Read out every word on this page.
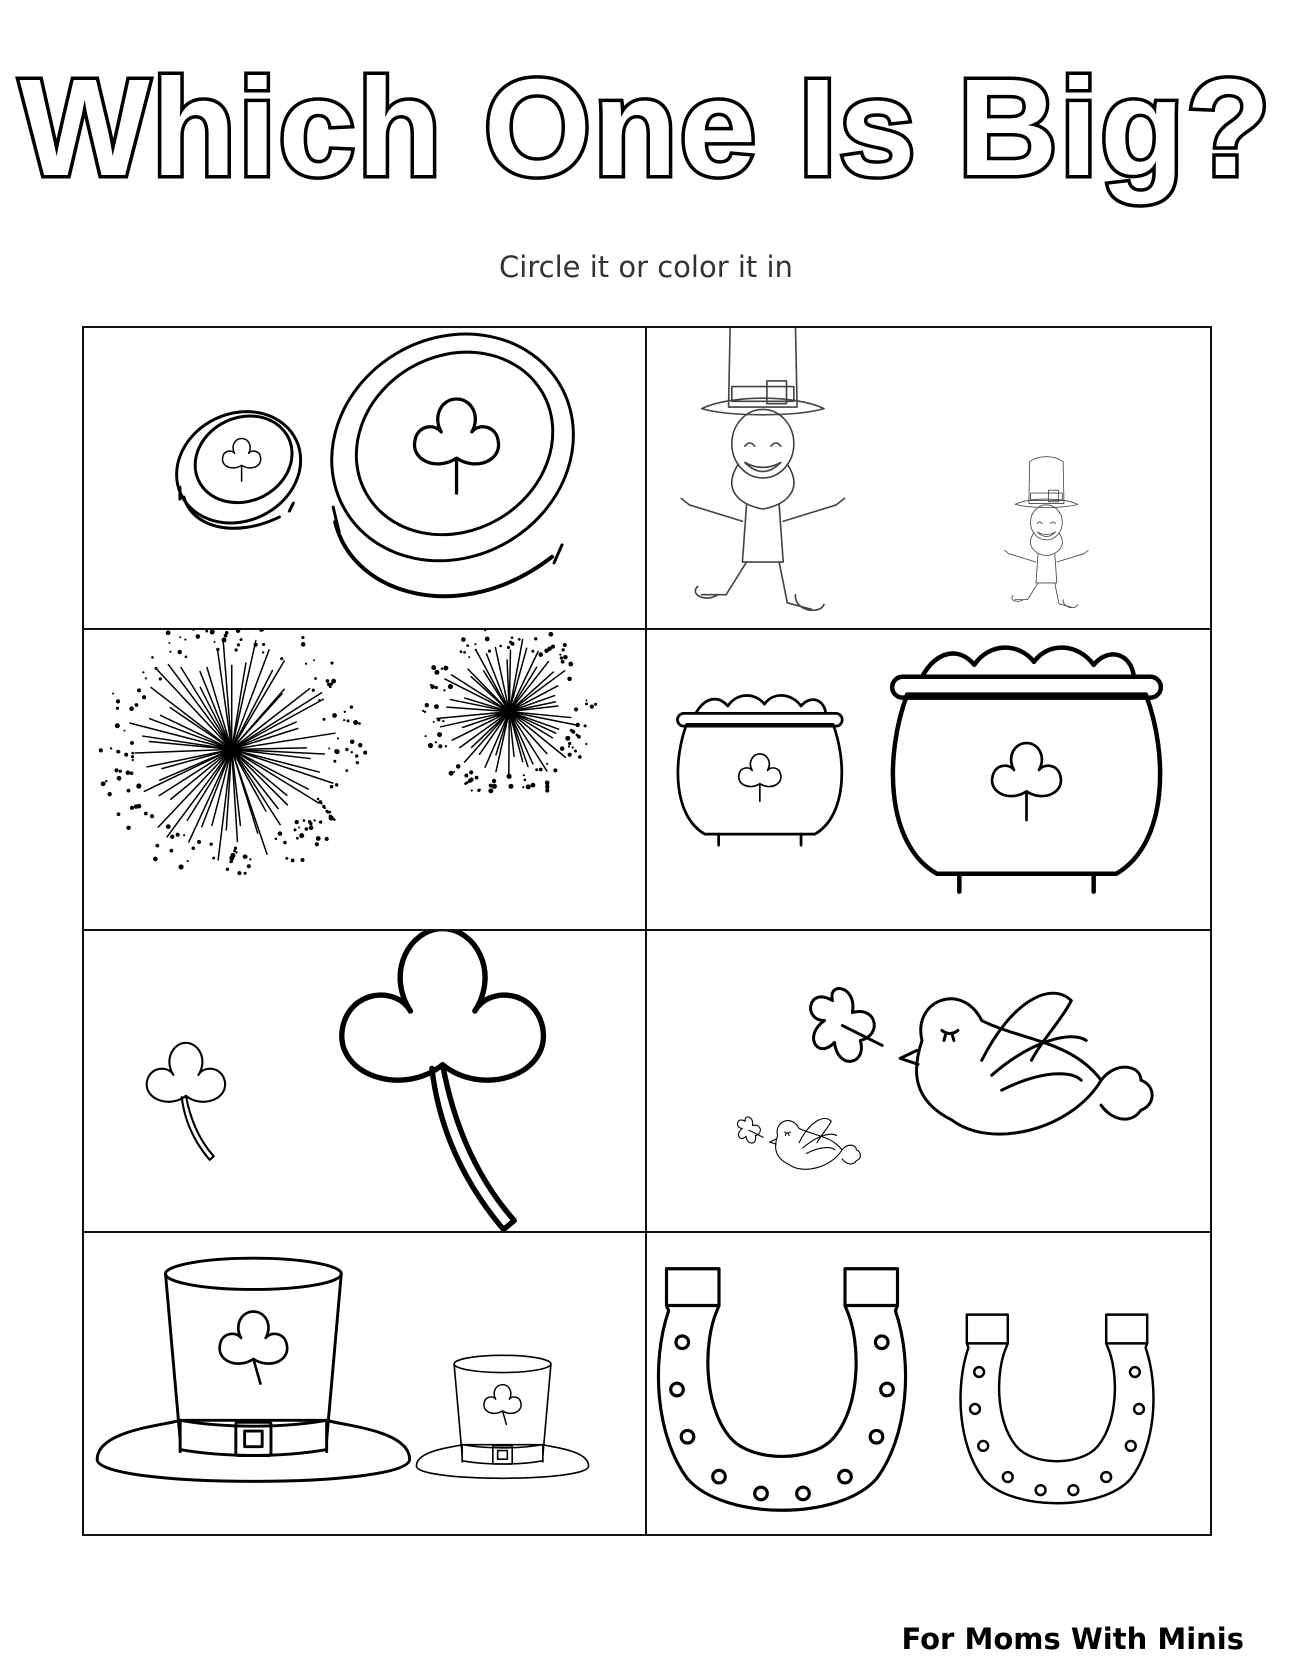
Which One Is Big?
Circle it or color it in
For Moms With Minis
